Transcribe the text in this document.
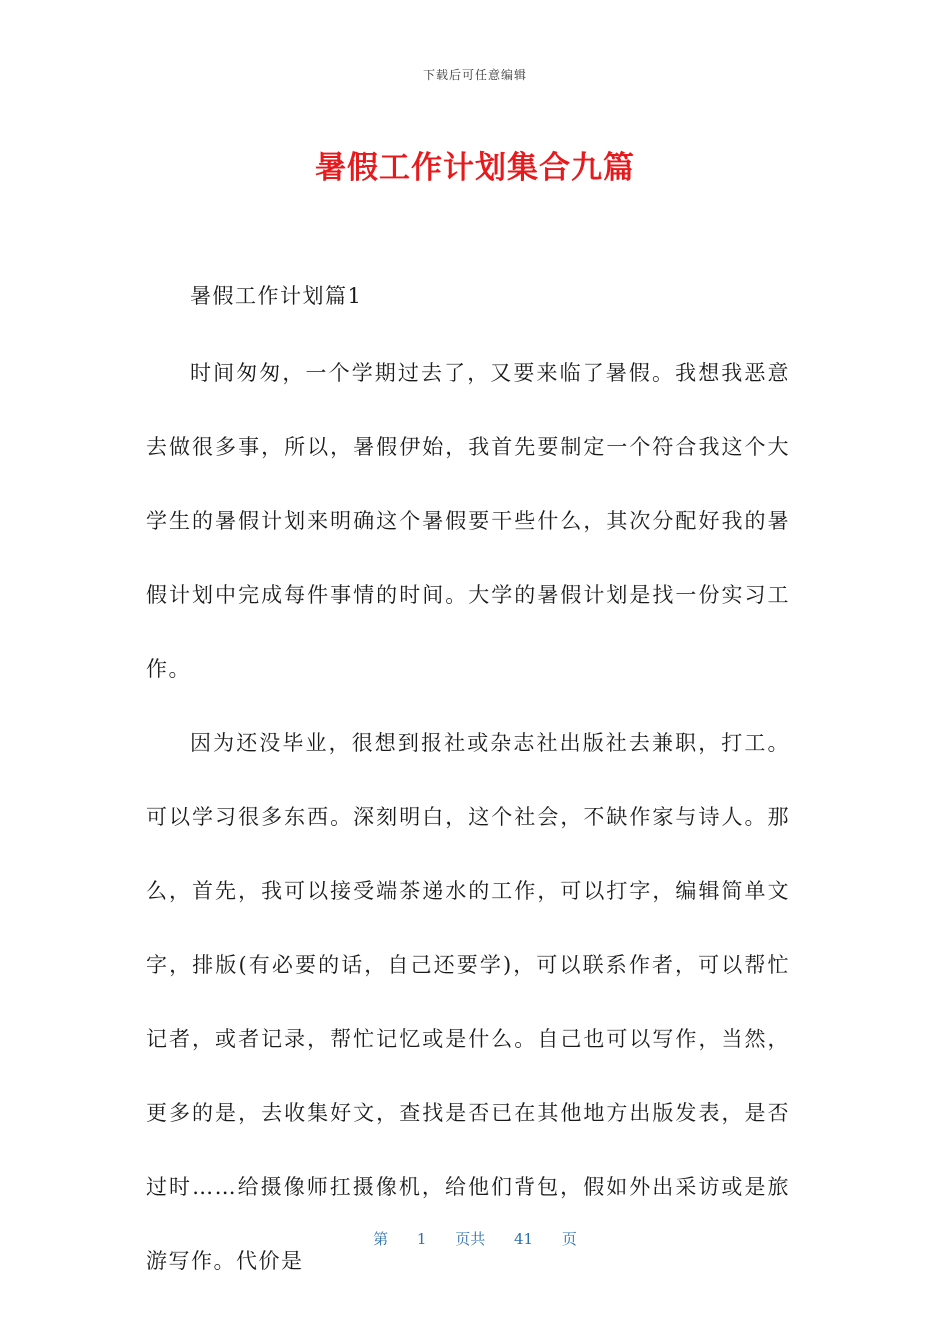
下载后可任意编辑
暑假工作计划集合九篇

暑假工作计划篇1

时间匆匆，一个学期过去了，又要来临了暑假。我想我恶意去做很多事，所以，暑假伊始，我首先要制定一个符合我这个大学生的暑假计划来明确这个暑假要干些什么，其次分配好我的暑假计划中完成每件事情的时间。大学的暑假计划是找一份实习工作。

因为还没毕业，很想到报社或杂志社出版社去兼职，打工。可以学习很多东西。深刻明白，这个社会，不缺作家与诗人。那么，首先，我可以接受端茶递水的工作，可以打字，编辑简单文字，排版(有必要的话，自己还要学)，可以联系作者，可以帮忙记者，或者记录，帮忙记忆或是什么。自己也可以写作，当然，更多的是，去收集好文，查找是否已在其他地方出版发表，是否过时……给摄像师扛摄像机，给他们背包，假如外出采访或是旅游写作。代价是

第 1 页共 41 页
